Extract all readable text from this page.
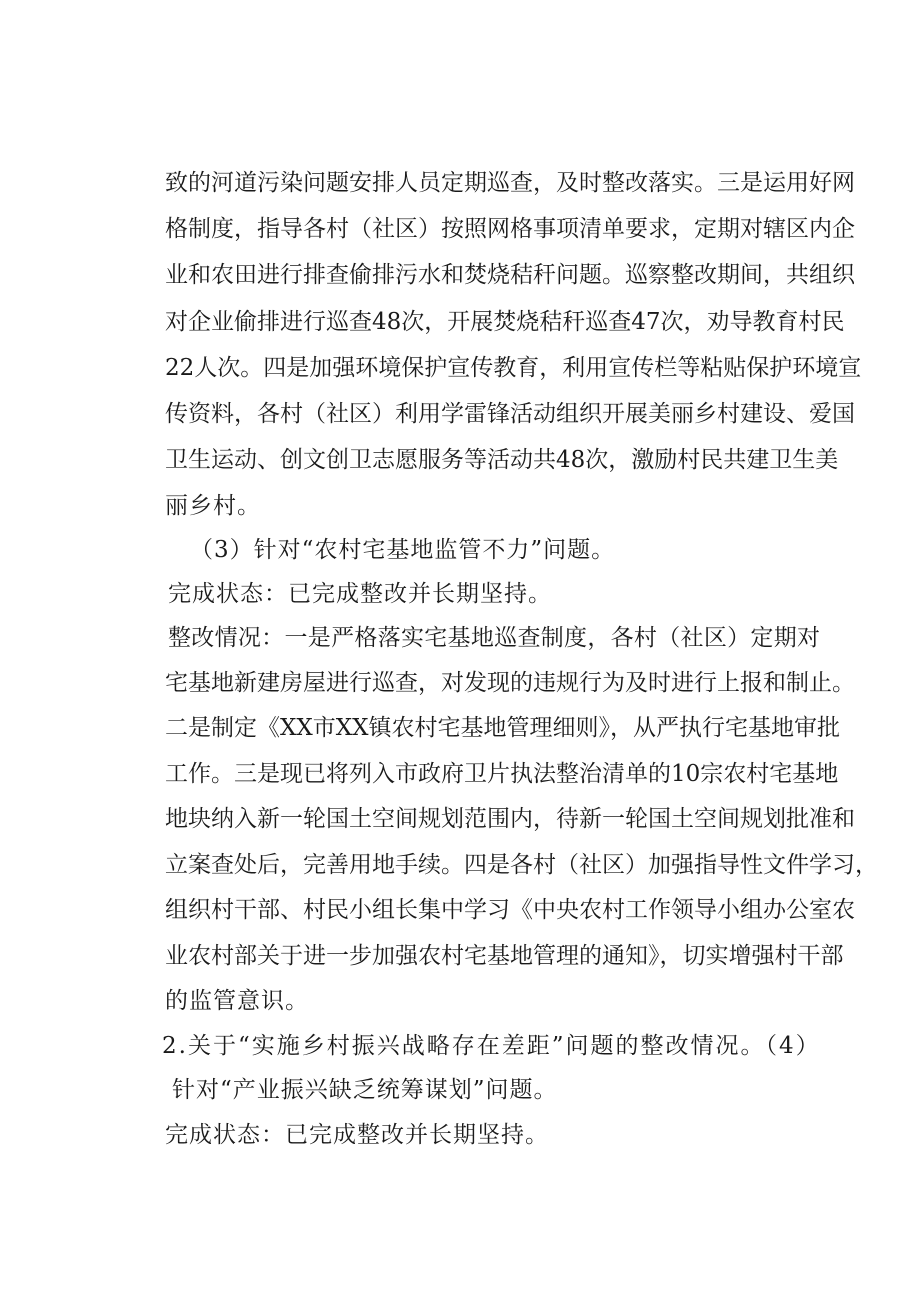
致的河道污染问题安排人员定期巡查，及时整改落实。三是运用好网
格制度，指导各村（社区）按照网格事项清单要求，定期对辖区内企
业和农田进行排查偷排污水和焚烧秸秆问题。巡察整改期间，共组织
对企业偷排进行巡查48次，开展焚烧秸秆巡查47次，劝导教育村民
22人次。四是加强环境保护宣传教育，利用宣传栏等粘贴保护环境宣
传资料，各村（社区）利用学雷锋活动组织开展美丽乡村建设、爱国
卫生运动、创文创卫志愿服务等活动共48次，激励村民共建卫生美
丽乡村。
（3）针对“农村宅基地监管不力”问题。
完成状态：已完成整改并长期坚持。
整改情况：一是严格落实宅基地巡查制度，各村（社区）定期对
宅基地新建房屋进行巡查，对发现的违规行为及时进行上报和制止。
二是制定《XX市XX镇农村宅基地管理细则》，从严执行宅基地审批
工作。三是现已将列入市政府卫片执法整治清单的10宗农村宅基地
地块纳入新一轮国土空间规划范围内，待新一轮国土空间规划批准和
立案查处后，完善用地手续。四是各村（社区）加强指导性文件学习，
组织村干部、村民小组长集中学习《中央农村工作领导小组办公室农
业农村部关于进一步加强农村宅基地管理的通知》，切实增强村干部
的监管意识。
2.关于“实施乡村振兴战略存在差距”问题的整改情况。（4）
针对“产业振兴缺乏统筹谋划”问题。
完成状态：已完成整改并长期坚持。
